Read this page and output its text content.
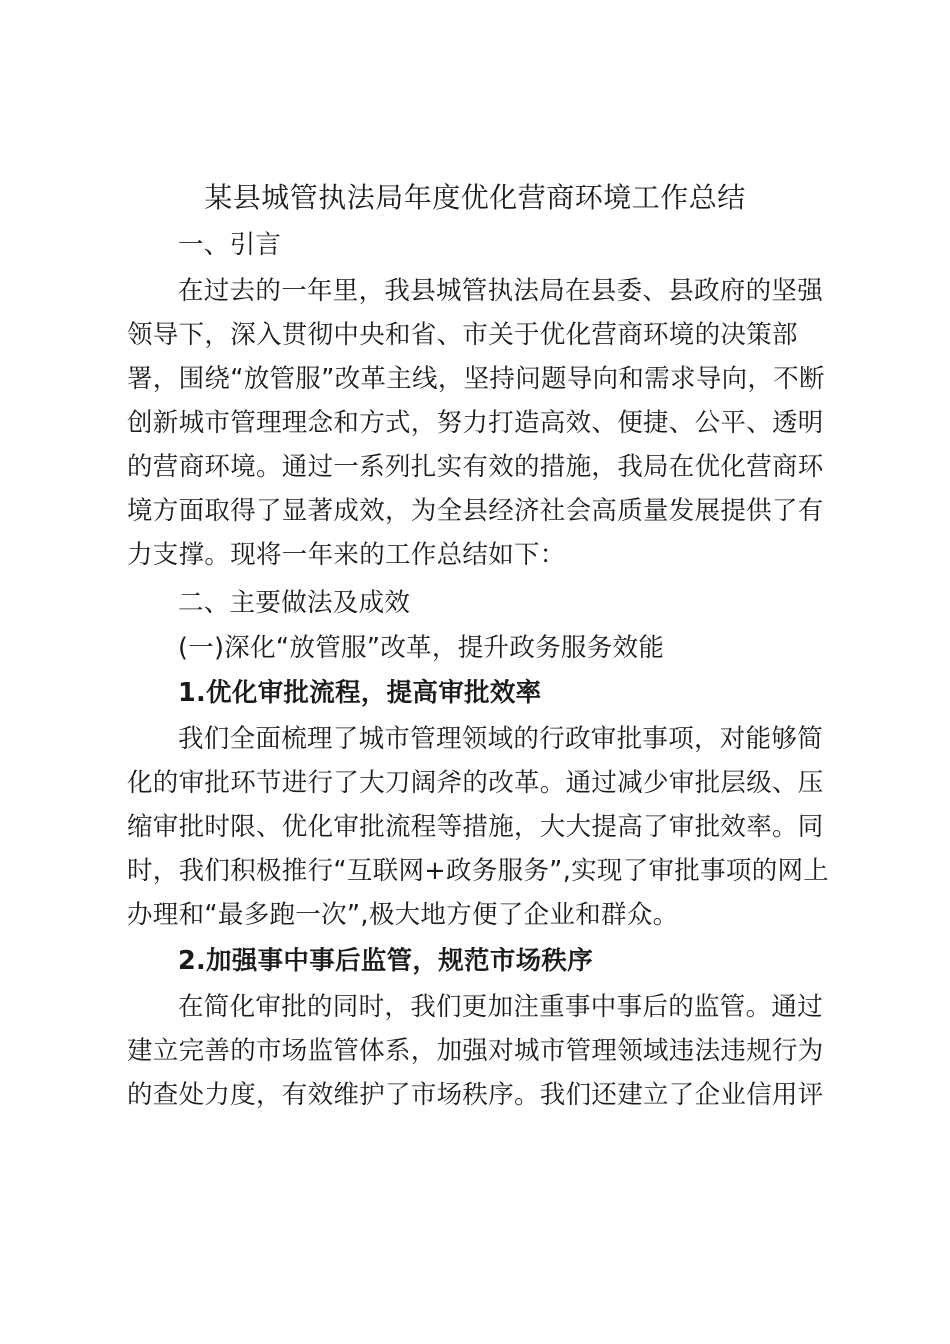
某县城管执法局年度优化营商环境工作总结
一、引言
在过去的一年里，我县城管执法局在县委、县政府的坚强
领导下，深入贯彻中央和省、市关于优化营商环境的决策部
署，围绕“放管服”改革主线，坚持问题导向和需求导向，不断
创新城市管理理念和方式，努力打造高效、便捷、公平、透明
的营商环境。通过一系列扎实有效的措施，我局在优化营商环
境方面取得了显著成效，为全县经济社会高质量发展提供了有
力支撑。现将一年来的工作总结如下：
二、主要做法及成效
(一)深化“放管服”改革，提升政务服务效能
1.优化审批流程，提高审批效率
我们全面梳理了城市管理领域的行政审批事项，对能够简
化的审批环节进行了大刀阔斧的改革。通过减少审批层级、压
缩审批时限、优化审批流程等措施，大大提高了审批效率。同
时，我们积极推行“互联网+政务服务”,实现了审批事项的网上
办理和“最多跑一次”,极大地方便了企业和群众。
2.加强事中事后监管，规范市场秩序
在简化审批的同时，我们更加注重事中事后的监管。通过
建立完善的市场监管体系，加强对城市管理领域违法违规行为
的查处力度，有效维护了市场秩序。我们还建立了企业信用评
